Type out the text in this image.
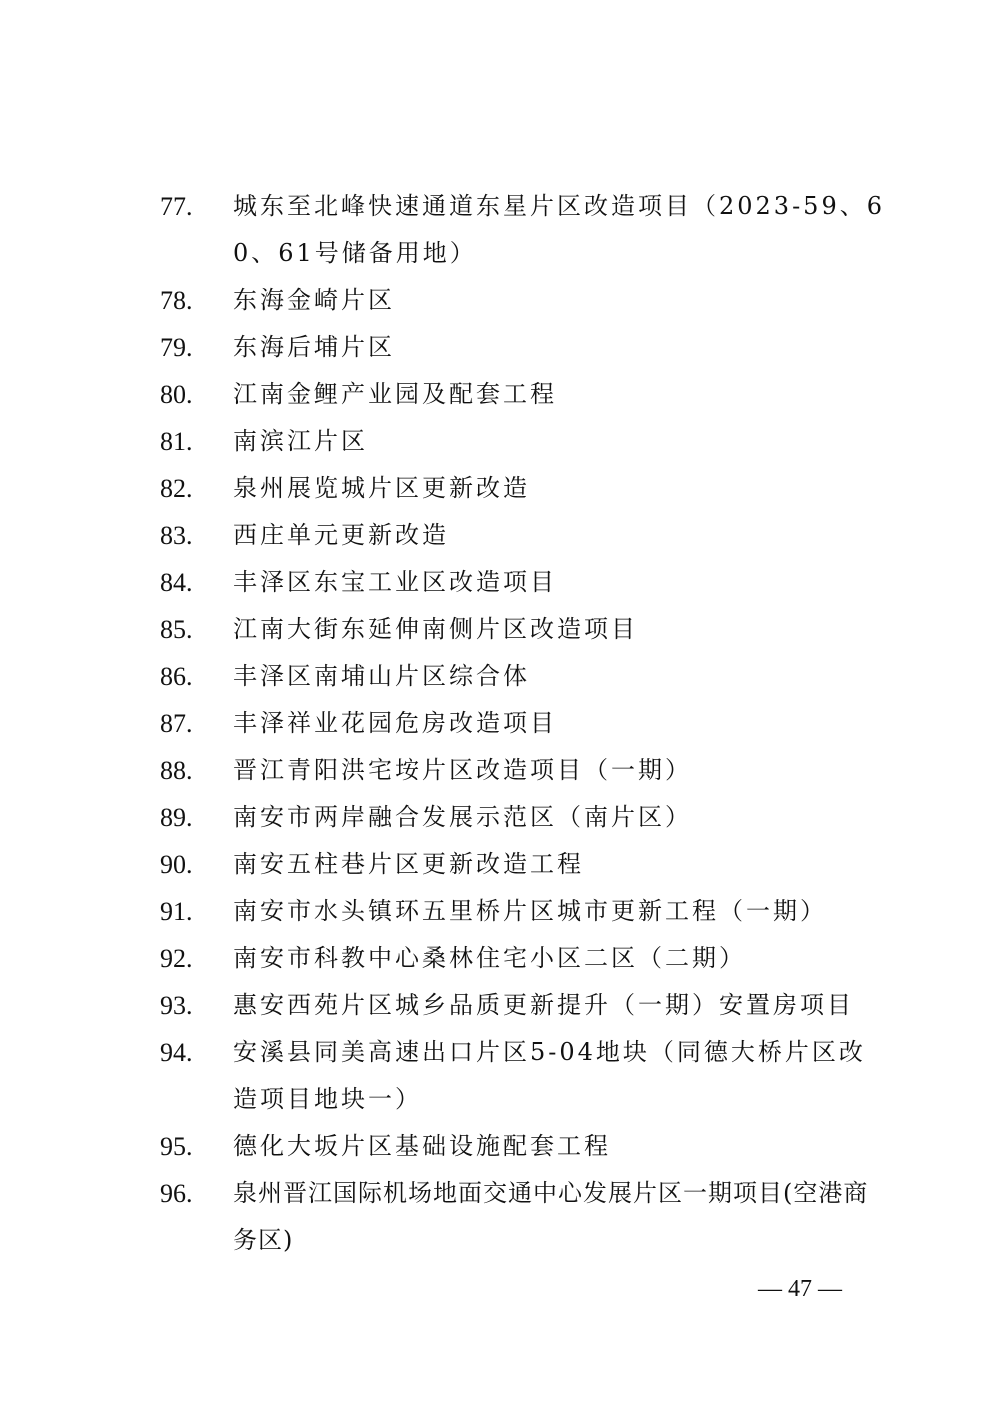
77.	城东至北峰快速通道东星片区改造项目（2023-59、60、61号储备用地）
78.	东海金崎片区
79.	东海后埔片区
80.	江南金鲤产业园及配套工程
81.	南滨江片区
82.	泉州展览城片区更新改造
83.	西庄单元更新改造
84.	丰泽区东宝工业区改造项目
85.	江南大街东延伸南侧片区改造项目
86.	丰泽区南埔山片区综合体
87.	丰泽祥业花园危房改造项目
88.	晋江青阳洪宅垵片区改造项目（一期）
89.	南安市两岸融合发展示范区（南片区）
90.	南安五柱巷片区更新改造工程
91.	南安市水头镇环五里桥片区城市更新工程（一期）
92.	南安市科教中心桑林住宅小区二区（二期）
93.	惠安西苑片区城乡品质更新提升（一期）安置房项目
94.	安溪县同美高速出口片区5-04地块（同德大桥片区改造项目地块一）
95.	德化大坂片区基础设施配套工程
96.	泉州晋江国际机场地面交通中心发展片区一期项目(空港商务区)
— 47 —
